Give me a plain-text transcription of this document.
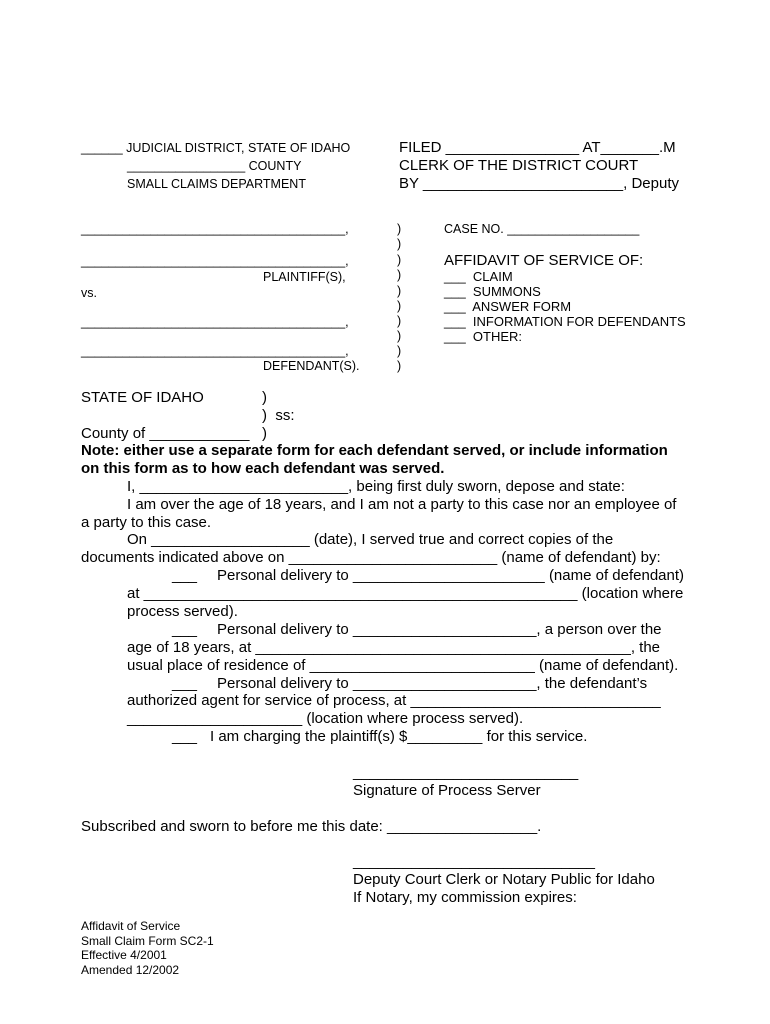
______ JUDICIAL DISTRICT, STATE OF IDAHO
_________________ COUNTY
SMALL CLAIMS DEPARTMENT
FILED ________________ AT_______.M
CLERK OF THE DISTRICT COURT
BY ________________________, Deputy
______________________________________,
______________________________________,
PLAINTIFF(S),
vs.
______________________________________,
______________________________________,
DEFENDANT(S).
)
)
)
)
)
)
)
)
)
)
CASE NO. ___________________
AFFIDAVIT OF SERVICE OF:
___  CLAIM
___  SUMMONS
___  ANSWER FORM
___  INFORMATION FOR DEFENDANTS
___  OTHER:
STATE OF IDAHO	)
)  ss:
County of ____________ )
Note: either use a separate form for each defendant served, or include information
on this form as to how each defendant was served.
I, _________________________, being first duly sworn, depose and state:
I am over the age of 18 years, and I am not a party to this case nor an employee of
a party to this case.
On ___________________ (date), I served true and correct copies of the
documents indicated above on _________________________ (name of defendant) by:
___ Personal delivery to _______________________ (name of defendant)
at ____________________________________________________ (location where
process served).
___ Personal delivery to ______________________, a person over the
age of 18 years, at _____________________________________________, the
usual place of residence of ___________________________ (name of defendant).
___ Personal delivery to ______________________, the defendant’s
authorized agent for service of process, at ______________________________
_____________________ (location where process served).
___ I am charging the plaintiff(s) $_________ for this service.
___________________________
Signature of Process Server
Subscribed and sworn to before me this date: __________________.
_____________________________
Deputy Court Clerk or Notary Public for Idaho
If Notary, my commission expires:
Affidavit of Service
Small Claim Form SC2-1
Effective 4/2001
Amended 12/2002
